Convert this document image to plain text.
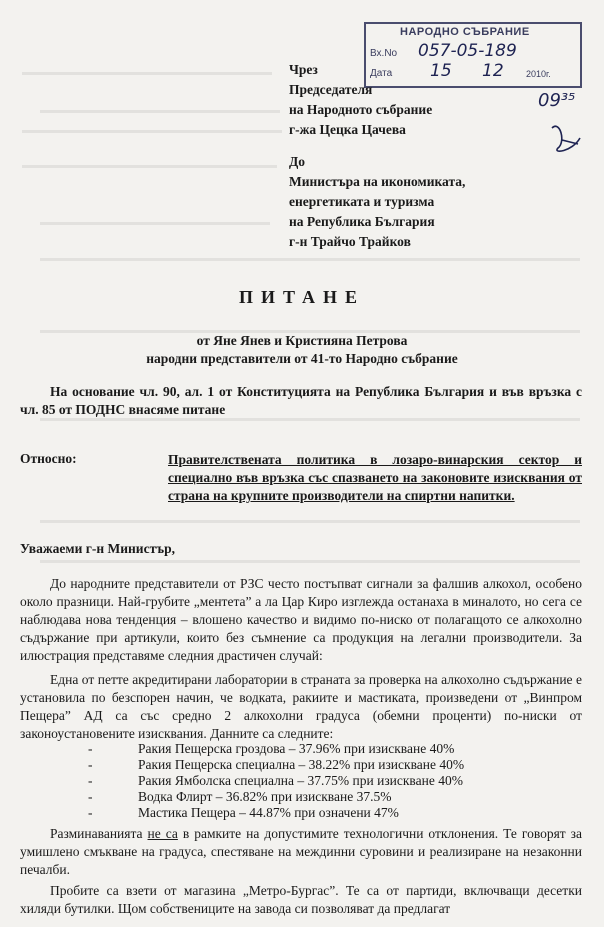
НАРОДНО СЪБРАНИЕ
Вх.No 057-05-189
Дата 15 12 2010г.
09³⁵
Чрез
Председателя
на Народното събрание
г-жа Цецка Цачева
До
Министъра на икономиката,
енергетиката и туризма
на Република България
г-н Трайчо Трайков
ПИТАНЕ
от Яне Янев и Кристияна Петрова
народни представители от 41-то Народно събрание
На основание чл. 90, ал. 1 от Конституцията на Република България и във връзка с чл. 85 от ПОДНС внасяме питане
Относно:	Правителствената политика в лозаро-винарския сектор и специално във връзка със спазването на законовите изисквания от страна на крупните производители на спиртни напитки.
Уважаеми г-н Министър,
До народните представители от РЗС често постъпват сигнали за фалшив алкохол, особено около празници. Най-грубите „ментета” а ла Цар Киро изглежда останаха в миналото, но сега се наблюдава нова тенденция – влошено качество и видимо по-ниско от полагащото се алкохолно съдържание при артикули, които без съмнение са продукция на легални производители. За илюстрация представяме следния драстичен случай:
Една от петте акредитирани лаборатории в страната за проверка на алкохолно съдържание е установила по безспорен начин, че водката, ракиите и мастиката, произведени от „Винпром Пещера” АД са със средно 2 алкохолни градуса (обемни проценти) по-ниски от законоустановените изисквания. Данните са следните:
-	Ракия Пещерска гроздова – 37.96% при изискване 40%
-	Ракия Пещерска специална – 38.22% при изискване 40%
-	Ракия Ямболска специална – 37.75% при изискване 40%
-	Водка Флирт – 36.82% при изискване 37.5%
-	Мастика Пещера – 44.87% при означени 47%
Разминаванията не са в рамките на допустимите технологични отклонения. Те говорят за умишлено смъкване на градуса, спестяване на междинни суровини и реализиране на незаконни печалби.
Пробите са взети от магазина „Метро-Бургас”. Те са от партиди, включващи десетки хиляди бутилки. Щом собствениците на завода си позволяват да предлагат
